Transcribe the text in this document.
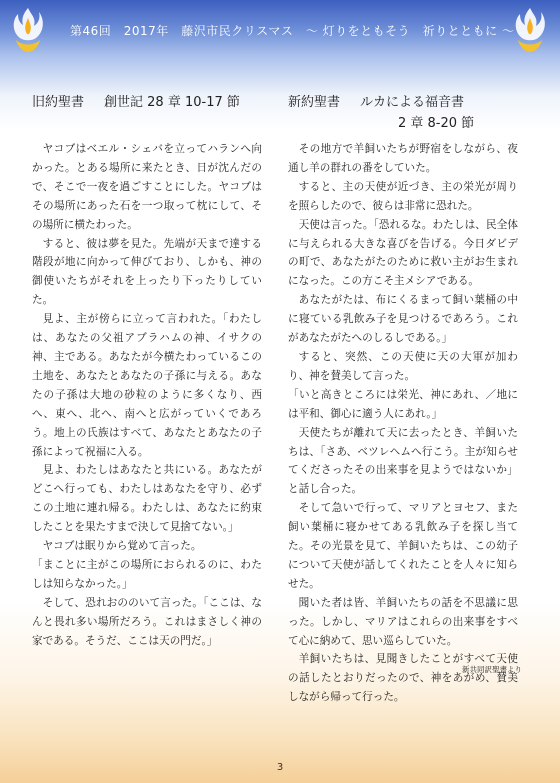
第46回　2017年　藤沢市民クリスマス　～ 灯りをともそう　祈りとともに ～
旧約聖書 創世記 28 章 10-17 節	新約聖書 ルカによる福音書
2 章 8-20 節

ヤコブはベエル・シェバを立ってハランへ向かった。とある場所に来たとき、日が沈んだので、そこで一夜を過ごすことにした。ヤコブはその場所にあった石を一つ取って枕にして、その場所に横たわった。

すると、彼は夢を見た。先端が天まで達する階段が地に向かって伸びており、しかも、神の御使いたちがそれを上ったり下ったりしていた。

見よ、主が傍らに立って言われた。「わたしは、あなたの父祖アブラハムの神、イサクの神、主である。あなたが今横たわっているこの土地を、あなたとあなたの子孫に与える。あなたの子孫は大地の砂粒のように多くなり、西へ、東へ、北へ、南へと広がっていくであろう。地上の氏族はすべて、あなたとあなたの子孫によって祝福に入る。

見よ、わたしはあなたと共にいる。あなたがどこへ行っても、わたしはあなたを守り、必ずこの土地に連れ帰る。わたしは、あなたに約束したことを果たすまで決して見捨てない。」

ヤコブは眠りから覚めて言った。

「まことに主がこの場所におられるのに、わたしは知らなかった。」

そして、恐れおののいて言った。「ここは、なんと畏れ多い場所だろう。これはまさしく神の家である。そうだ、ここは天の門だ。」

その地方で羊飼いたちが野宿をしながら、夜通し羊の群れの番をしていた。

すると、主の天使が近づき、主の栄光が周りを照らしたので、彼らは非常に恐れた。

天使は言った。「恐れるな。わたしは、民全体に与えられる大きな喜びを告げる。今日ダビデの町で、あなたがたのために救い主がお生まれになった。この方こそ主メシアである。

あなたがたは、布にくるまって飼い葉桶の中に寝ている乳飲み子を見つけるであろう。これがあなたがたへのしるしである。」

すると、突然、この天使に天の大軍が加わり、神を賛美して言った。

「いと高きところには栄光、神にあれ、／地には平和、御心に適う人にあれ。」

天使たちが離れて天に去ったとき、羊飼いたちは、「さあ、ベツレヘムへ行こう。主が知らせてくださったその出来事を見ようではないか」と話し合った。

そして急いで行って、マリアとヨセフ、また飼い葉桶に寝かせてある乳飲み子を探し当てた。その光景を見て、羊飼いたちは、この幼子について天使が話してくれたことを人々に知らせた。

聞いた者は皆、羊飼いたちの話を不思議に思った。しかし、マリアはこれらの出来事をすべて心に納めて、思い巡らしていた。

羊飼いたちは、見聞きしたことがすべて天使の話したとおりだったので、神をあがめ、賛美しながら帰って行った。

新共同訳聖書より
3
